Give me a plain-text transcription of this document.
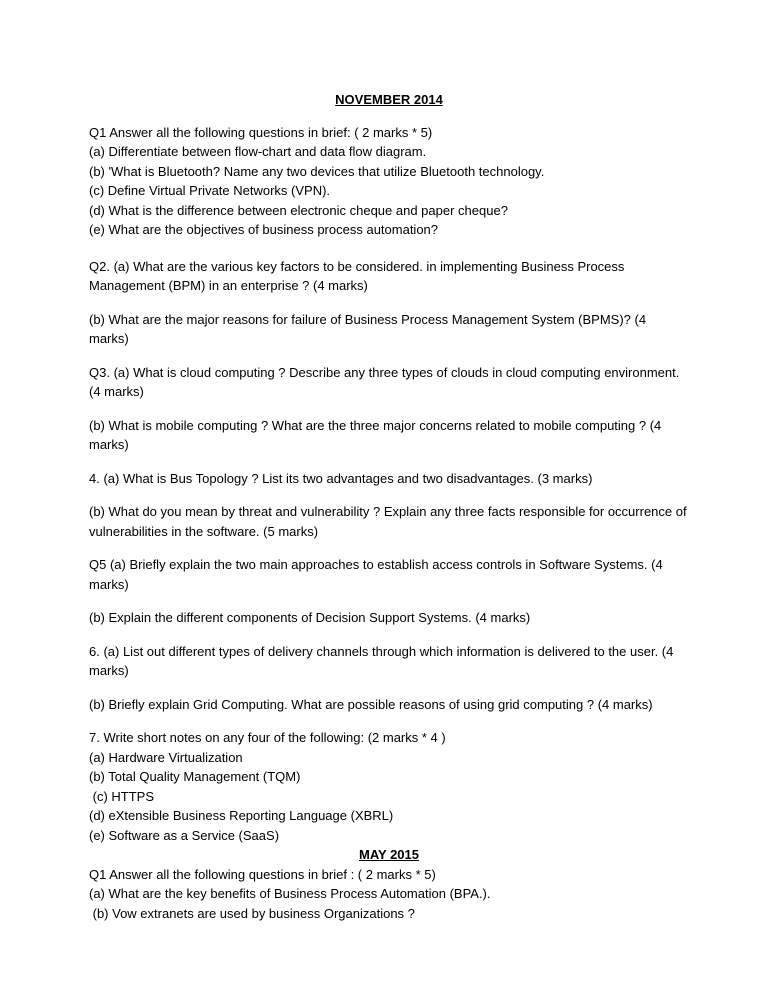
NOVEMBER 2014

Q1 Answer all the following questions in brief: ( 2 marks * 5)
(a) Differentiate between flow-chart and data flow diagram.
(b) 'What is Bluetooth? Name any two devices that utilize Bluetooth technology.
(c) Define Virtual Private Networks (VPN).
(d) What is the difference between electronic cheque and paper cheque?
(e) What are the objectives of business process automation?

Q2. (a) What are the various key factors to be considered. in implementing Business Process Management (BPM) in an enterprise ? (4 marks)

(b) What are the major reasons for failure of Business Process Management System (BPMS)? (4 marks)

Q3. (a) What is cloud computing ? Describe any three types of clouds in cloud computing environment. (4 marks)

(b) What is mobile computing ? What are the three major concerns related to mobile computing ? (4 marks)

4. (a) What is Bus Topology ? List its two advantages and two disadvantages. (3 marks)

(b) What do you mean by threat and vulnerability ? Explain any three facts responsible for occurrence of vulnerabilities in the software. (5 marks)

Q5 (a) Briefly explain the two main approaches to establish access controls in Software Systems. (4 marks)

(b) Explain the different components of Decision Support Systems. (4 marks)

6. (a) List out different types of delivery channels through which information is delivered to the user. (4 marks)

(b) Briefly explain Grid Computing. What are possible reasons of using grid computing ? (4 marks)

7. Write short notes on any four of the following: (2 marks * 4 )
(a) Hardware Virtualization
(b) Total Quality Management (TQM)
(c) HTTPS
(d) eXtensible Business Reporting Language (XBRL)
(e) Software as a Service (SaaS)

MAY 2015

Q1 Answer all the following questions in brief : ( 2 marks * 5)
(a) What are the key benefits of Business Process Automation (BPA.).
(b) Vow extranets are used by business Organizations ?
